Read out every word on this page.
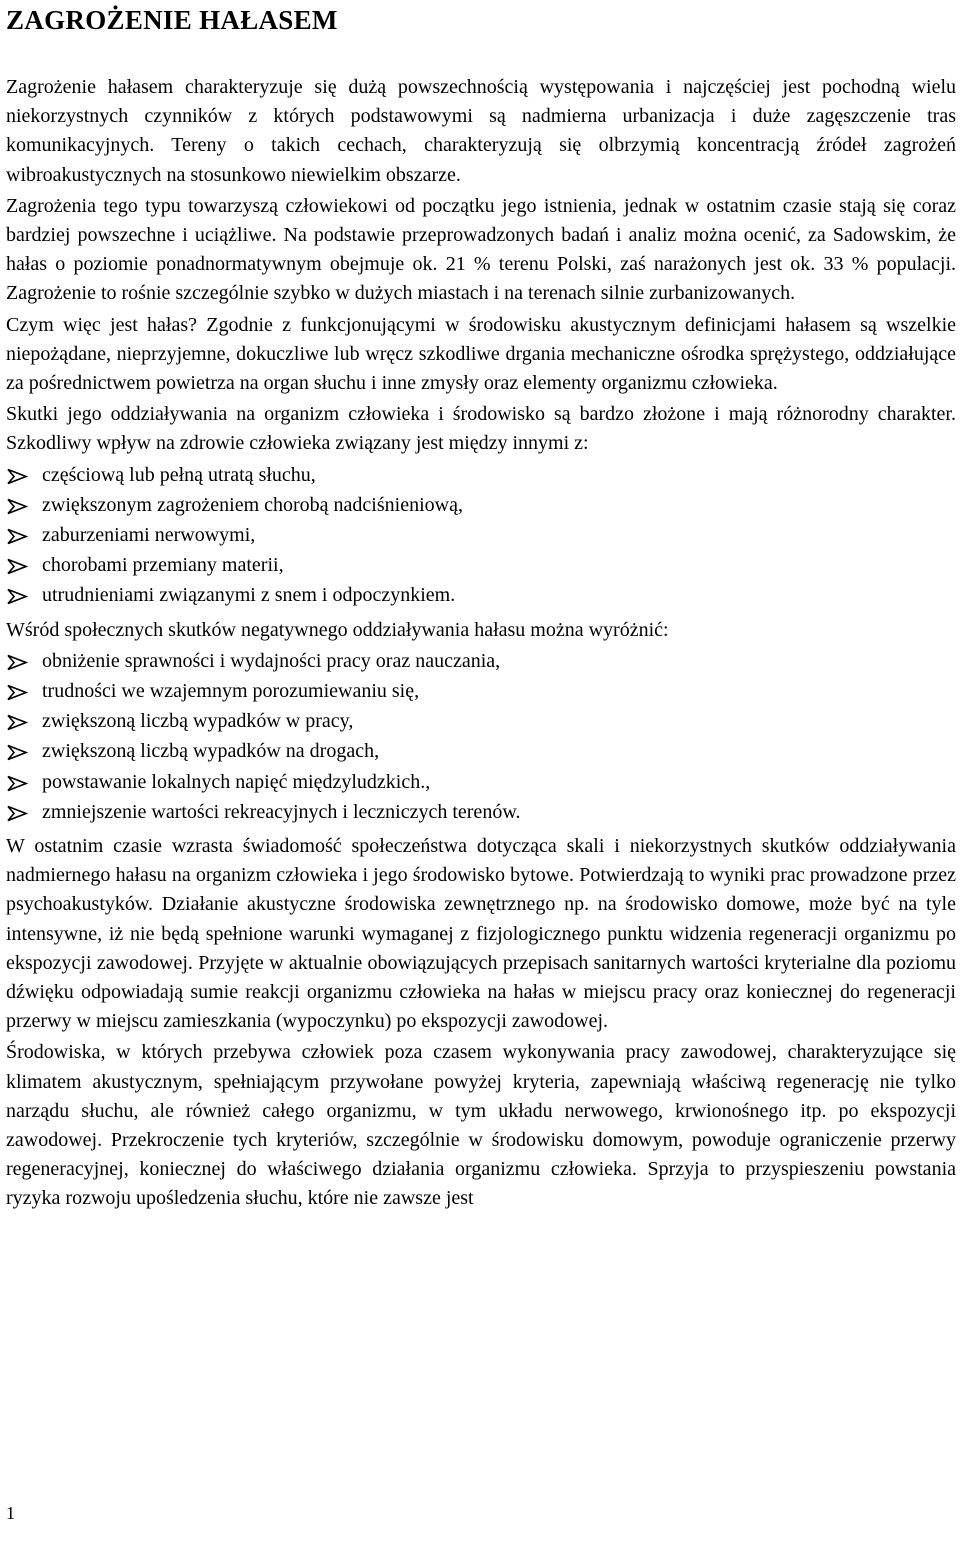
ZAGROŻENIE HAŁASEM

Zagrożenie hałasem charakteryzuje się dużą powszechnością występowania i najczęściej jest pochodną wielu niekorzystnych czynników z których podstawowymi są nadmierna urbanizacja i duże zagęszczenie tras komunikacyjnych. Tereny o takich cechach, charakteryzują się olbrzymią koncentracją źródeł zagrożeń wibroakustycznych na stosunkowo niewielkim obszarze.

Zagrożenia tego typu towarzyszą człowiekowi od początku jego istnienia, jednak w ostatnim czasie stają się coraz bardziej powszechne i uciążliwe. Na podstawie przeprowadzonych badań i analiz można ocenić, za Sadowskim, że hałas o poziomie ponadnormatywnym obejmuje ok. 21 % terenu Polski, zaś narażonych jest ok. 33 % populacji. Zagrożenie to rośnie szczególnie szybko w dużych miastach i na terenach silnie zurbanizowanych.

Czym więc jest hałas? Zgodnie z funkcjonującymi w środowisku akustycznym definicjami hałasem są wszelkie niepożądane, nieprzyjemne, dokuczliwe lub wręcz szkodliwe drgania mechaniczne ośrodka sprężystego, oddziałujące za pośrednictwem powietrza na organ słuchu i inne zmysły oraz elementy organizmu człowieka.

Skutki jego oddziaływania na organizm człowieka i środowisko są bardzo złożone i mają różnorodny charakter. Szkodliwy wpływ na zdrowie człowieka związany jest między innymi z:

częściową lub pełną utratą słuchu,
zwiększonym zagrożeniem chorobą nadciśnieniową,
zaburzeniami nerwowymi,
chorobami przemiany materii,
utrudnieniami związanymi z snem i odpoczynkiem.

Wśród społecznych skutków negatywnego oddziaływania hałasu można wyróżnić:

obniżenie sprawności i wydajności pracy oraz nauczania,
trudności we wzajemnym porozumiewaniu się,
zwiększoną liczbą wypadków w pracy,
zwiększoną liczbą wypadków na drogach,
powstawanie lokalnych napięć międzyludzkich.,
zmniejszenie wartości rekreacyjnych i leczniczych terenów.

W ostatnim czasie wzrasta świadomość społeczeństwa dotycząca skali i niekorzystnych skutków oddziaływania nadmiernego hałasu na organizm człowieka i jego środowisko bytowe. Potwierdzają to wyniki prac prowadzone przez psychoakustyków. Działanie akustyczne środowiska zewnętrznego np. na środowisko domowe, może być na tyle intensywne, iż nie będą spełnione warunki wymaganej z fizjologicznego punktu widzenia regeneracji organizmu po ekspozycji zawodowej. Przyjęte w aktualnie obowiązujących przepisach sanitarnych wartości kryterialne dla poziomu dźwięku odpowiadają sumie reakcji organizmu człowieka na hałas w miejscu pracy oraz koniecznej do regeneracji przerwy w miejscu zamieszkania (wypoczynku) po ekspozycji zawodowej.

Środowiska, w których przebywa człowiek poza czasem wykonywania pracy zawodowej, charakteryzujące się klimatem akustycznym, spełniającym przywołane powyżej kryteria, zapewniają właściwą regenerację nie tylko narządu słuchu, ale również całego organizmu, w tym układu nerwowego, krwionośnego itp. po ekspozycji zawodowej. Przekroczenie tych kryteriów, szczególnie w środowisku domowym, powoduje ograniczenie przerwy regeneracyjnej, koniecznej do właściwego działania organizmu człowieka. Sprzyja to przyspieszeniu powstania ryzyka rozwoju upośledzenia słuchu, które nie zawsze jest

1
